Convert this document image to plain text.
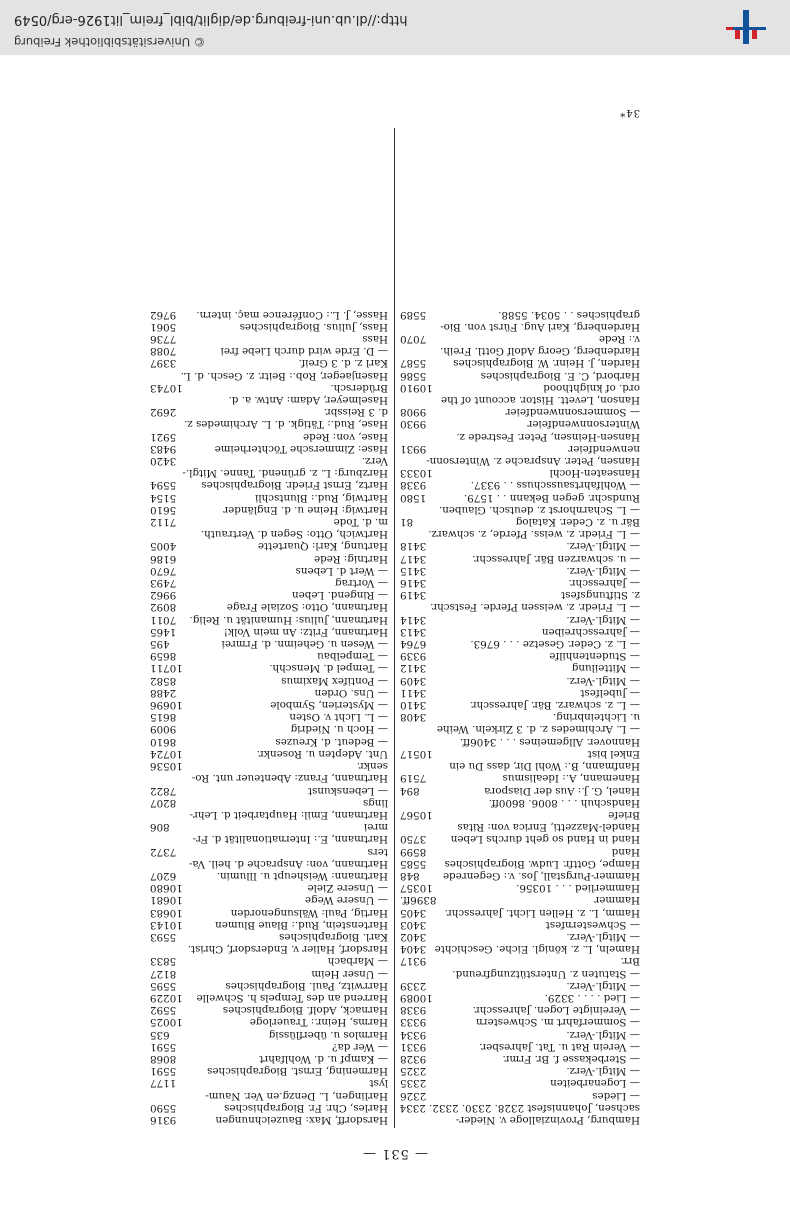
© Universitätsbibliothek Freiburg
http://dl.ub.uni-freiburg.de/diglit/bibl_freim_lit1926-erg/0549
— 531 —
Hamburg, Provinzialloge v. Nieder-
sachsen, Johannisfest 2328. 2330. 2332. 2334
— Liedes
2326
— Logenarbeiten
2335
— Mitgl.-Verz.
2325
— Sterbekasse f. Br. Frmr.
9328
— Verein Rat u. Tat. Jahresber.
9331
— Mitgl.-Verz.
9334
— Sommerfahrt m. Schwestern
9333
— Vereinigte Logen. Jahresschr.
9338
— Lied . . . . 3329.
10089
— Mitgl.-Verz.
2339
— Statuten z. Unterstützungfreund.
Brr.
9317
Hameln, L. z. königl. Eiche. Geschichte
3404
— Mitgl.-Verz.
3402
— Schwesternfest
3403
Hamm, L. z. Hellen Licht. Jahresschr.
3405
Hammer
8396ff.
Hammerlied . . . 10356.
10357
Hammer-Purgstall, Jos. v.: Gegenrede
848
Hampe, Gottfr. Ludw. Biographisches
5585
Hand
8599
Hand in Hand so geht durchs Leben
3750
Handel-Mazzetti, Enrica von: Ritas
Briefe
10567
Handschuh . . . 8006. 8600ff.
Hanel, G. J.: Aus der Diaspora
894
Hanemann, A.: Idealismus
7519
Hanfmann, B.: Wohl Dir, dass Du ein
Enkel bist
10517
Hannover. Allgemeines . . . 3406ff.
— L. Archimedes z. d. 3 Zirkeln. Weihe
u. Lichteinbring.
3408
— L. z. schwarz. Bär. Jahresschr.
3410
— Jubelfest
3411
— Mitgl.-Verz.
3409
— Mitteilung
3412
— Studentenhilfe
9339
— L. z. Ceder. Gesetze . . . 6763.
6764
— Jahresschreiben
3413
— Mitgl.-Verz.
3414
— L. Friedr. z. weissen Pferde. Festschr.
z. Stiftungsfest
3419
— Jahresschr.
3416
— Mitgl.-Verz.
3415
— u. schwarzen Bär. Jahresschr.
3417
— Mitgl.-Verz.
3418
— L. Friedr. z. weiss. Pferde, z. schwarz.
Bär u. z. Ceder. Katalog
81
— L. Scharnhorst z. deutsch. Glauben.
Rundschr. gegen Bekann . . 1579.
1580
— Wohlfahrtsausschuss . . 9337.
9338
Hanseaten-Hochl
10333
Hansen, Peter. Ansprache z. Wintersonn-
nenwendfeier
9931
Hansen-Heinsen, Peter. Festrede z.
Wintersonnwendfeier
9930
— Sommersonnwendfeier
9908
Hanson, Levett. Histor. account of the
ord. of knighthood
10910
Harbord, C. E. Biographisches
5586
Harden, J. Heinr. W. Biographisches
5587
Hardenberg, Georg Adolf Gottl. Freih.
v.: Rede
7070
Hardenberg, Karl Aug. Fürst von. Bio-
graphisches . . 5034. 5588.
5589
Harsdorff, Max: Bauzeichnungen
9316
Harles, Chr. Fr. Biographisches
5590
Harlingen, L. Denzg.en Ver. Naum-
lyst
1177
Harmening, Ernst. Biographisches
5591
— Kampf u. d. Wohlfahrt
8068
— Wer da?
5591
Harmlos u. überflüssig
635
Harms, Heinr.: Trauerloge
10025
Harnack, Adolf. Biographisches
5592
Harrend an des Tempels h. Schwelle
10229
Harrwitz, Paul. Biographisches
5595
— Unser Heim
8127
— Marbach
5833
Harsdorf, Halier v. Endersdorf, Christ.
Karl. Biographisches
5593
Hartenstein, Rud.: Blaue Blumen
10143
Hartig, Paul: Wälsungenorden
10683
— Unsere Wege
10681
— Unsere Ziele
10680
Hartmann: Weisheupt u. Illumin.
6207
Hartmann, von: Ansprache d. heil. Va-
ters
7372
Hartmann, E.: Internationalität d. Fr-
mrei
806
Hartmann, Emil: Hauptarbeit d. Lehr-
lings
8207
— Lebenskunst
7822
Hartmann, Franz: Abenteuer unt. Ro-
senkr.
10536
Unt. Adepten u. Rosenkr.
10724
— Bedeut. d. Kreuzes
8610
— Hoch u. Niedrig
9009
— L. Licht v. Osten
8615
— Mysterien, Symbole
10696
— Uns. Orden
2488
— Pontifex Maximus
8582
— Tempel d. Menschh.
10711
— Tempelbau
8659
— Wesen u. Geheimn. d. Frmrei
495
Hartmann, Fritz: An mein Volk!
1465
Hartmann, Julius: Humanität u. Relig.
7011
Hartmann, Otto: Soziale Frage
8092
— Ringend. Leben
9962
— Vortrag
7493
— Wert d. Lebens
7670
Hartnig: Rede
6186
Hartung, Karl: Quartette
4005
Hartwich, Otto: Segen d. Vertrauth.
m. d. Tode
7112
Hartwig: Heine u. d. Engländer
5610
Hartwig, Rud.: Bluntschli
5154
Hartz, Ernst Friedr. Biographisches
5594
Harzburg: L. z. grünend. Tanne. Mitgl.-
Verz.
3420
Hase: Zimmersche Töchterheime
9483
Hase, von: Rede
5921
Hase, Rud.: Tätigk. d. L. Archimedes z.
d. 3 Reissbr.
2692
Haselmeyer, Adam: Antw. a. d.
Brüdersch.
10743
Hasenjaeger, Rob.: Beitr. z. Gesch. d. L.
Karl z. d. 3 Greif.
3397
— D. Erde wird durch Liebe frei
7088
Hass
7736
Hass, Julius. Biographisches
5061
Hasse, J. L.: Conférence maç. intern.
9762
34*
